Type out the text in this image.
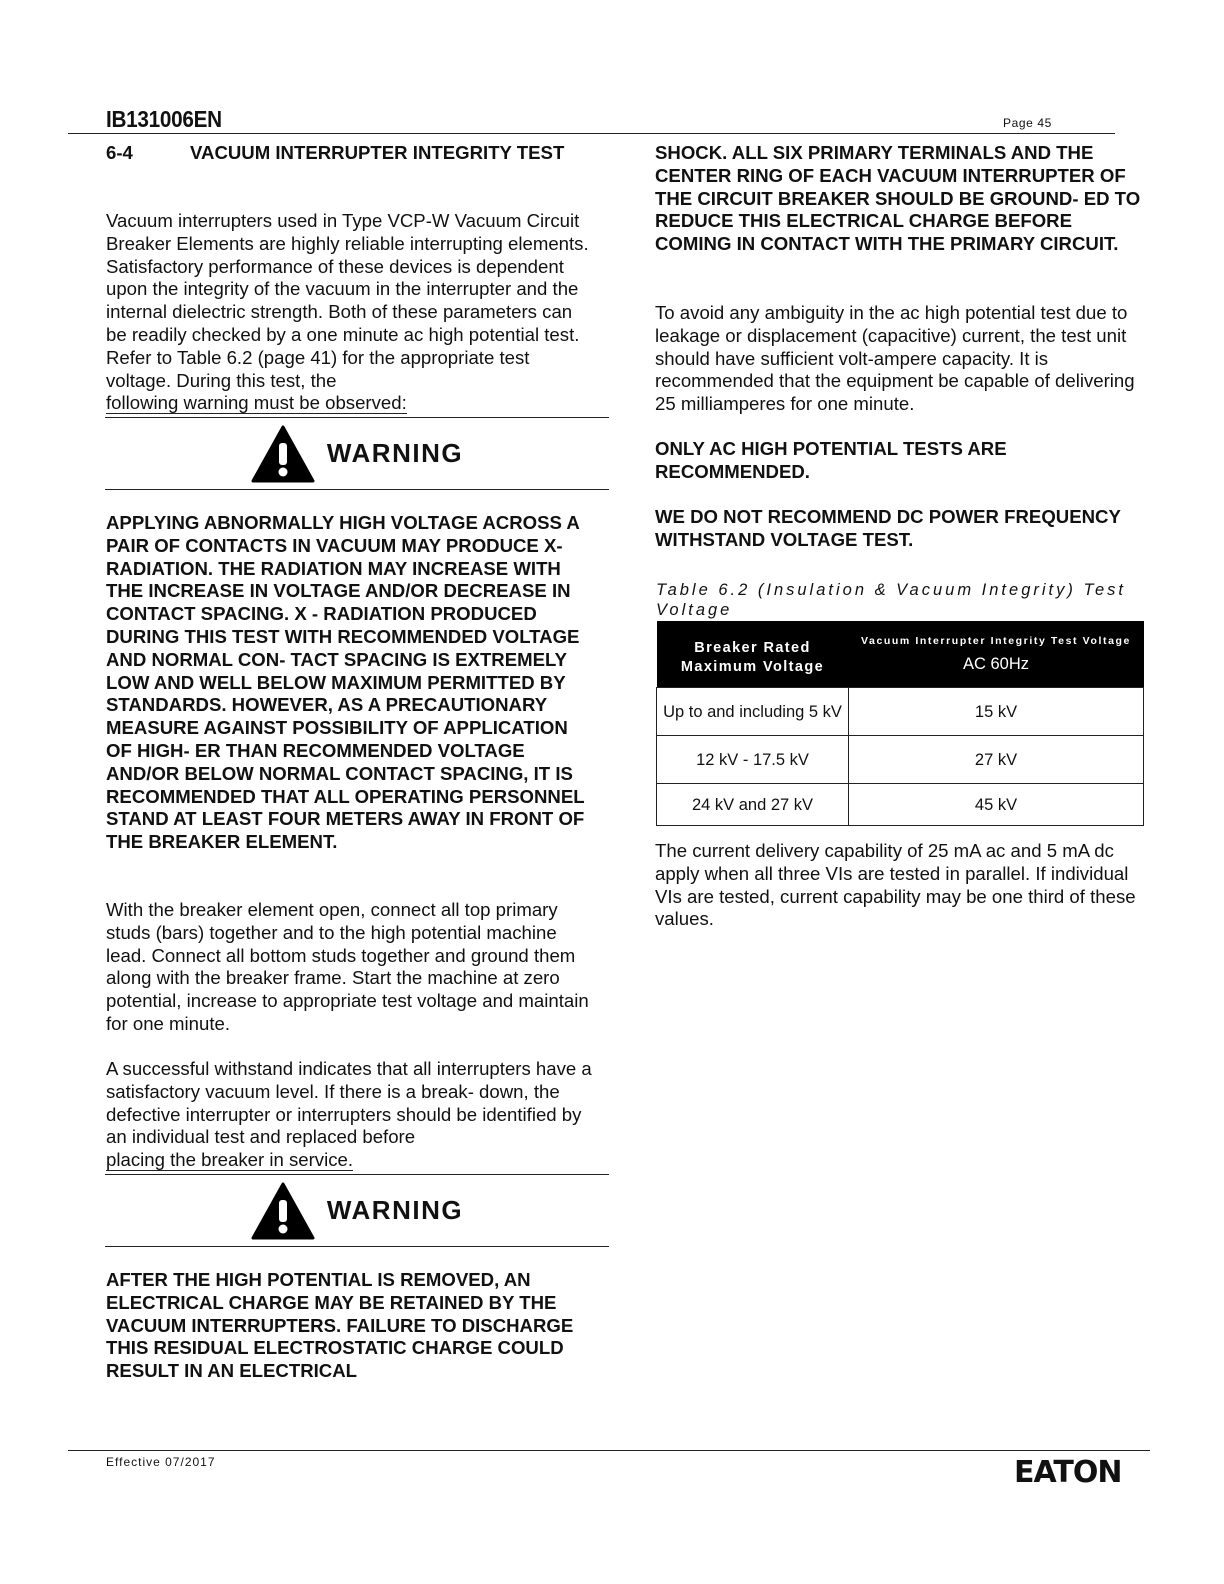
​
IB131006EN	Page 45
6-4	VACUUM INTERRUPTER INTEGRITY TEST

Vacuum interrupters used in Type VCP-W Vacuum Circuit Breaker Elements are highly reliable interrupting elements. Satisfactory performance of these devices is dependent upon the integrity of the vacuum in the interrupter and the internal dielectric strength. Both of these parameters can be readily checked by a one minute ac high potential test. Refer to Table 6.2 (page 41) for the appropriate test voltage. During this test, the

following warning must be observed:

WARNING
APPLYING ABNORMALLY HIGH VOLTAGE ACROSS A PAIR OF CONTACTS IN VACUUM MAY PRODUCE X-RADIATION. THE RADIATION MAY INCREASE WITH THE INCREASE IN VOLTAGE AND/OR DECREASE IN CONTACT SPACING. X - RADIATION PRODUCED DURING THIS TEST WITH RECOMMENDED VOLTAGE AND NORMAL CON- TACT SPACING IS EXTREMELY LOW AND WELL BELOW MAXIMUM PERMITTED BY STANDARDS. HOWEVER, AS A PRECAUTIONARY MEASURE AGAINST POSSIBILITY OF APPLICATION OF HIGH- ER THAN RECOMMENDED VOLTAGE AND/OR BELOW NORMAL CONTACT SPACING, IT IS RECOMMENDED THAT ALL OPERATING PERSONNEL STAND AT LEAST FOUR METERS AWAY IN FRONT OF THE BREAKER ELEMENT.
With the breaker element open, connect all top primary studs (bars) together and to the high potential machine lead. Connect all bottom studs together and ground them along with the breaker frame. Start the machine at zero potential, increase to appropriate test voltage and maintain for one minute.

A successful withstand indicates that all interrupters have a satisfactory vacuum level. If there is a break- down, the defective interrupter or interrupters should be identified by an individual test and replaced before

placing the breaker in service.

WARNING
AFTER THE HIGH POTENTIAL IS REMOVED, AN ELECTRICAL CHARGE MAY BE RETAINED BY THE VACUUM INTERRUPTERS. FAILURE TO DISCHARGE THIS RESIDUAL ELECTROSTATIC CHARGE COULD RESULT IN AN ELECTRICAL
SHOCK. ALL SIX PRIMARY TERMINALS AND THE CENTER RING OF EACH VACUUM INTERRUPTER OF THE CIRCUIT BREAKER SHOULD BE GROUND- ED TO REDUCE THIS ELECTRICAL CHARGE BEFORE COMING IN CONTACT WITH THE PRIMARY CIRCUIT.
To avoid any ambiguity in the ac high potential test due to leakage or displacement (capacitive) current, the test unit should have sufficient volt-ampere capacity. It is recommended that the equipment be capable of delivering 25 milliamperes for one minute.
ONLY AC HIGH POTENTIAL TESTS ARE RECOMMENDED.
WE DO NOT RECOMMEND DC POWER FREQUENCY WITHSTAND VOLTAGE TEST.
Table 6.2 (Insulation & Vacuum Integrity) Test Voltage
Breaker Rated Maximum Voltage	Vacuum Interrupter Integrity Test Voltage
AC 60Hz

Up to and including 5 kV	15 kV
12 kV - 17.5 kV	27 kV
24 kV and 27 kV	45 kV
The current delivery capability of 25 mA ac and 5 mA dc apply when all three VIs are tested in parallel. If individual VIs are tested, current capability may be one third of these values.
Effective 07/2017	EATON
